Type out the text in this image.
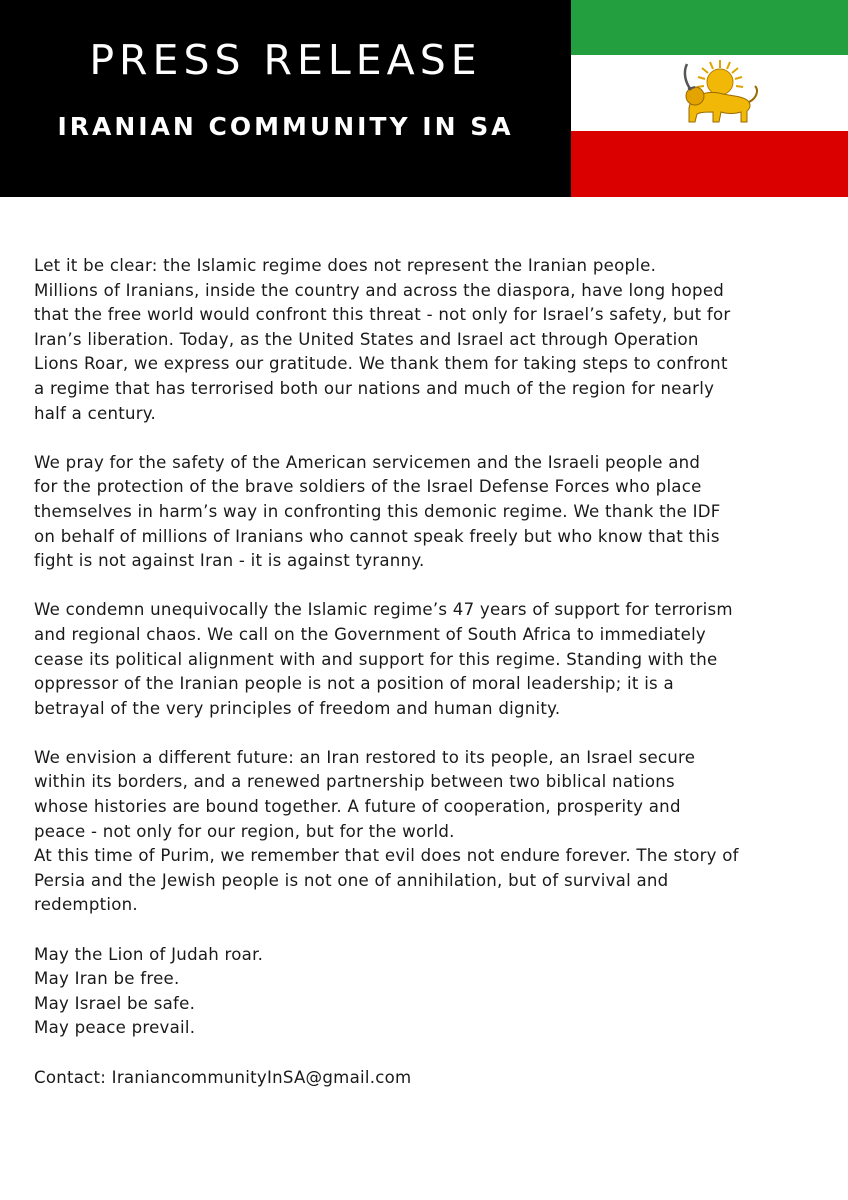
PRESS RELEASE
IRANIAN COMMUNITY IN SA

Let it be clear: the Islamic regime does not represent the Iranian people.
Millions of Iranians, inside the country and across the diaspora, have long hoped
that the free world would confront this threat - not only for Israel’s safety, but for
Iran’s liberation. Today, as the United States and Israel act through Operation
Lions Roar, we express our gratitude. We thank them for taking steps to confront
a regime that has terrorised both our nations and much of the region for nearly
half a century.

We pray for the safety of the American servicemen and the Israeli people and
for the protection of the brave soldiers of the Israel Defense Forces who place
themselves in harm’s way in confronting this demonic regime. We thank the IDF
on behalf of millions of Iranians who cannot speak freely but who know that this
fight is not against Iran - it is against tyranny.

We condemn unequivocally the Islamic regime’s 47 years of support for terrorism
and regional chaos. We call on the Government of South Africa to immediately
cease its political alignment with and support for this regime. Standing with the
oppressor of the Iranian people is not a position of moral leadership; it is a
betrayal of the very principles of freedom and human dignity.

We envision a different future: an Iran restored to its people, an Israel secure
within its borders, and a renewed partnership between two biblical nations
whose histories are bound together. A future of cooperation, prosperity and
peace - not only for our region, but for the world.

At this time of Purim, we remember that evil does not endure forever. The story of
Persia and the Jewish people is not one of annihilation, but of survival and
redemption.

May the Lion of Judah roar.
May Iran be free.
May Israel be safe.
May peace prevail.

Contact: IraniancommunityInSA@gmail.com
